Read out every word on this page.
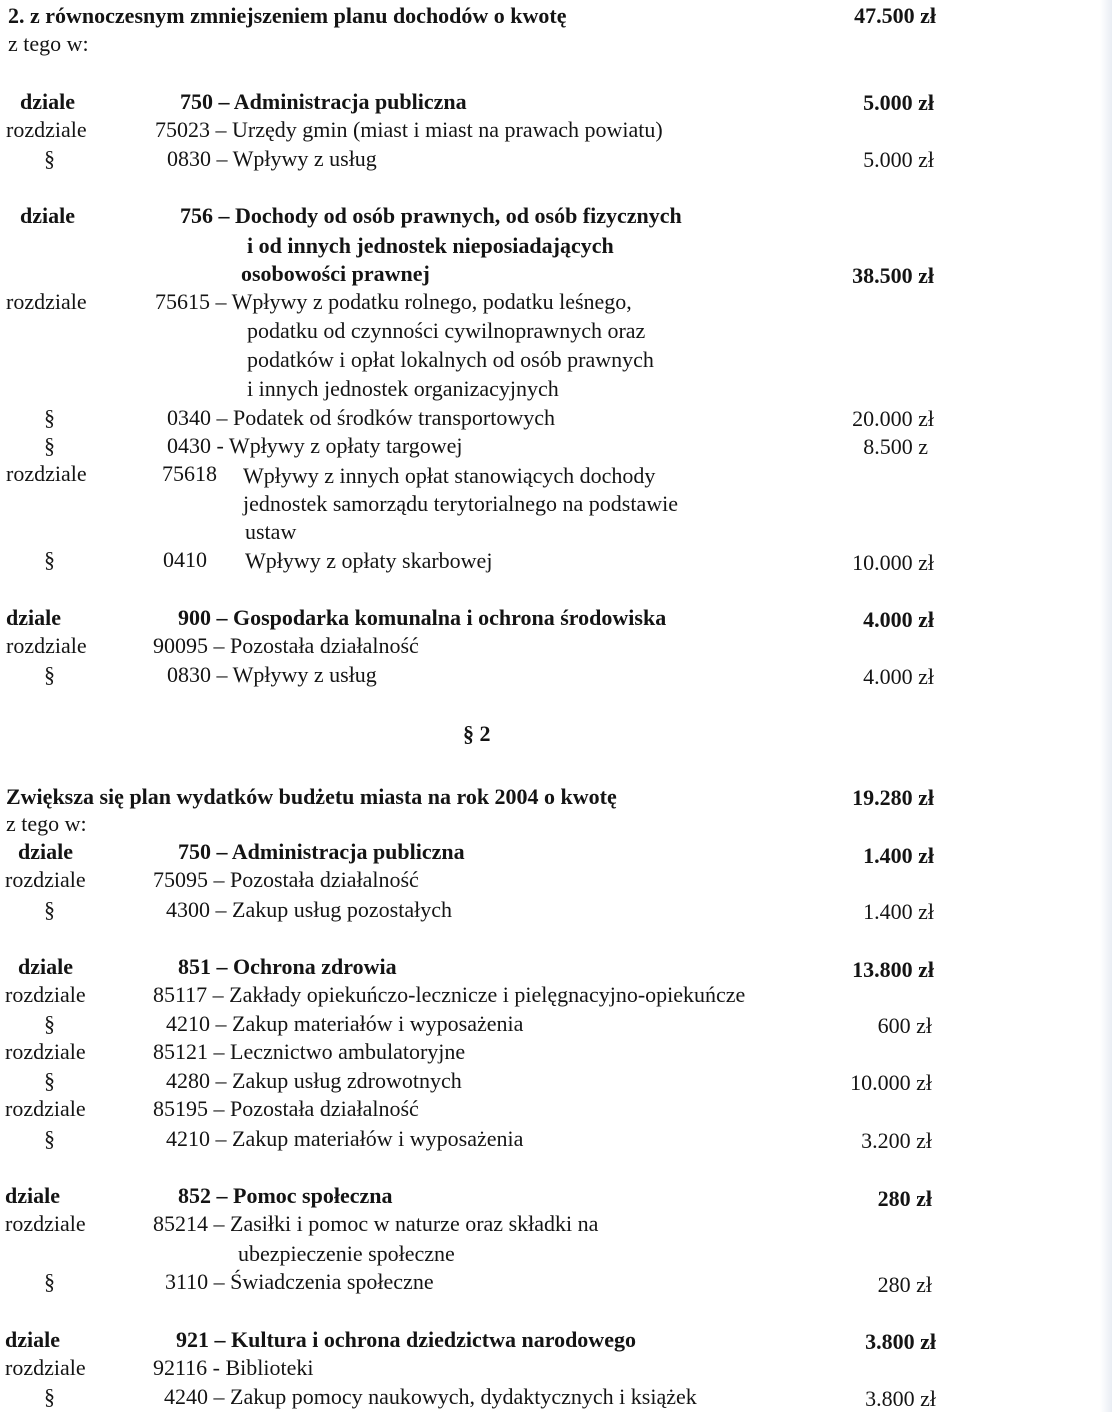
2. z równoczesnym zmniejszeniem planu dochodów o kwotę	47.500 zł
z tego w:
dziale	750 – Administracja publiczna	5.000 zł
rozdziale	75023 – Urzędy gmin (miast i miast na prawach powiatu)
§	0830 – Wpływy z usług	5.000 zł
dziale	756 – Dochody od osób prawnych, od osób fizycznych
i od innych jednostek nieposiadających
osobowości prawnej	38.500 zł
rozdziale	75615 – Wpływy z podatku rolnego, podatku leśnego,
podatku od czynności cywilnoprawnych oraz
podatków i opłat lokalnych od osób prawnych
i innych jednostek organizacyjnych
§	0340 – Podatek od środków transportowych	20.000 zł
§	0430 - Wpływy z opłaty targowej	8.500 z
rozdziale	75618 Wpływy z innych opłat stanowiących dochody
jednostek samorządu terytorialnego na podstawie
ustaw
§	0410 Wpływy z opłaty skarbowej	10.000 zł
dziale	900 – Gospodarka komunalna i ochrona środowiska	4.000 zł
rozdziale	90095 – Pozostała działalność
§	0830 – Wpływy z usług	4.000 zł
§ 2
Zwiększa się plan wydatków budżetu miasta na rok 2004 o kwotę	19.280 zł
z tego w:
dziale	750 – Administracja publiczna	1.400 zł
rozdziale	75095 – Pozostała działalność
§	4300 – Zakup usług pozostałych	1.400 zł
dziale	851 – Ochrona zdrowia	13.800 zł
rozdziale	85117 – Zakłady opiekuńczo-lecznicze i pielęgnacyjno-opiekuńcze
§	4210 – Zakup materiałów i wyposażenia	600 zł
rozdziale	85121 – Lecznictwo ambulatoryjne
§	4280 – Zakup usług zdrowotnych	10.000 zł
rozdziale	85195 – Pozostała działalność
§	4210 – Zakup materiałów i wyposażenia	3.200 zł
dziale	852 – Pomoc społeczna	280 zł
rozdziale	85214 – Zasiłki i pomoc w naturze oraz składki na
ubezpieczenie społeczne
§	3110 – Świadczenia społeczne	280 zł
dziale	921 – Kultura i ochrona dziedzictwa narodowego	3.800 zł
rozdziale	92116 - Biblioteki
§	4240 – Zakup pomocy naukowych, dydaktycznych i książek	3.800 zł
